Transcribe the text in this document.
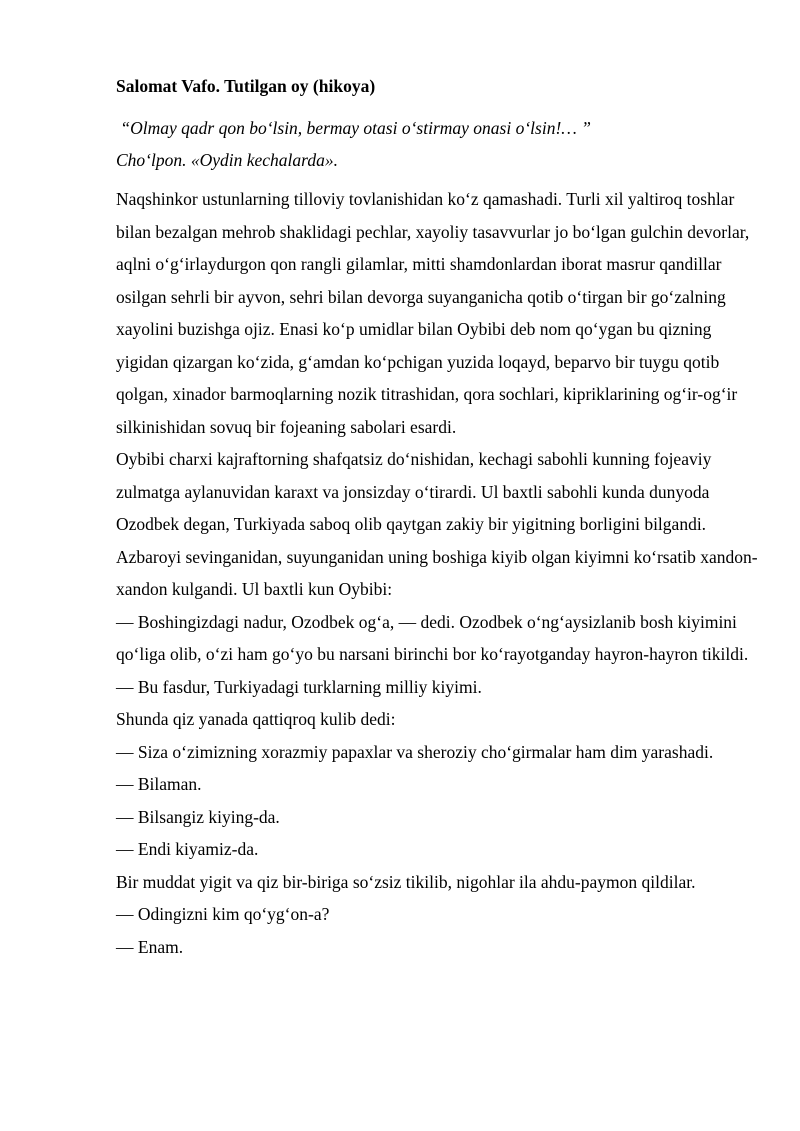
Salomat Vafo. Tutilgan oy (hikoya)
“Olmay qadr qon bo‘lsin, bermay otasi o‘stirmay onasi o‘lsin!… ”
Cho‘lpon. «Oydin kechalarda».

Naqshinkor ustunlarning tilloviy tovlanishidan ko‘z qamashadi. Turli xil yaltiroq toshlar bilan bezalgan mehrob shaklidagi pechlar, xayoliy tasavvurlar jo bo‘lgan gulchin devorlar, aqlni o‘g‘irlaydurgon qon rangli gilamlar, mitti shamdonlardan iborat masrur qandillar osilgan sehrli bir ayvon, sehri bilan devorga suyanganicha qotib o‘tirgan bir go‘zalning xayolini buzishga ojiz. Enasi ko‘p umidlar bilan Oybibi deb nom qo‘ygan bu qizning yigidan qizargan ko‘zida, g‘amdan ko‘pchigan yuzida loqayd, beparvo bir tuygu qotib qolgan, xinador barmoqlarning nozik titrashidan, qora sochlari, kipriklarining og‘ir-og‘ir silkinishidan sovuq bir fojeaning sabolari esardi.

Oybibi charxi kajraftorning shafqatsiz do‘nishidan, kechagi sabohli kunning fojeaviy zulmatga aylanuvidan karaxt va jonsizday o‘tirardi. Ul baxtli sabohli kunda dunyoda Ozodbek degan, Turkiyada saboq olib qaytgan zakiy bir yigitning borligini bilgandi. Azbaroyi sevinganidan, suyunganidan uning boshiga kiyib olgan kiyimni ko‘rsatib xandon-xandon kulgandi. Ul baxtli kun Oybibi:

— Boshingizdagi nadur, Ozodbek og‘a, — dedi. Ozodbek o‘ng‘aysizlanib bosh kiyimini qo‘liga olib, o‘zi ham go‘yo bu narsani birinchi bor ko‘rayotganday hayron-hayron tikildi.

— Bu fasdur, Turkiyadagi turklarning milliy kiyimi.

Shunda qiz yanada qattiqroq kulib dedi:

— Siza o‘zimizning xorazmiy papaxlar va sheroziy cho‘girmalar ham dim yarashadi.

— Bilaman.

— Bilsangiz kiying-da.

— Endi kiyamiz-da.

Bir muddat yigit va qiz bir-biriga so‘zsiz tikilib, nigohlar ila ahdu-paymon qildilar.

— Odingizni kim qo‘yg‘on-a?

— Enam.
